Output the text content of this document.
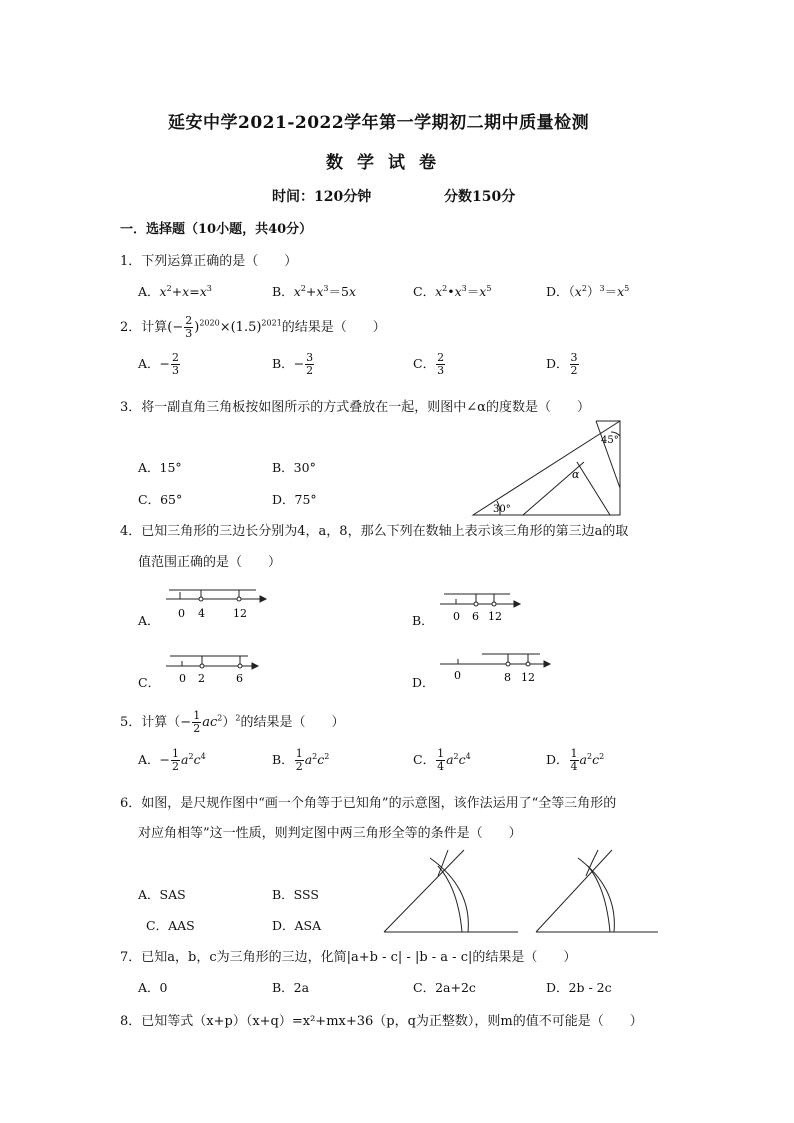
延安中学2021-2022学年第一学期初二期中质量检测
数学试卷
时间：120分钟	分数150分
一．选择题（10小题，共40分）
1．下列运算正确的是（　　）
A．$x^2+x=x^3$	B．$x^2+x^3=5x$	C．$x^2•x^3=x^5$	D．$(x^2)^3=x^5$
2．计算(− $\frac{2}{3} )^{2020}\times(1.5)^{2021}$的结果是（　　）
A．− $\frac{2}{3}$	B．− $\frac{3}{2}$	C． $\frac{2}{3}$	D． $\frac{3}{2}$
3．将一副直角三角板按如图所示的方式叠放在一起，则图中∠α的度数是（　　）
A．15°	B．30°
C．65°	D．75°
45°
α
30°
4．已知三角形的三边长分别为4，a，8，那么下列在数轴上表示该三角形的第三边a的取
值范围正确的是（　　）
A． 0 4	12	B． 0 6 12
C． 0 2	6	D． 0	8 12
5．计算（− $\frac{1}{2} ac^2)^2$的结果是（　　）
A．− $\frac{1}{2} a^2c^4$	B． $\frac{1}{2} a^2c^2$	C． $\frac{1}{4} a^2c^4$	D． $\frac{1}{4} a^2c^2$
6．如图，是尺规作图中“画一个角等于已知角”的示意图，该作法运用了“全等三角形的
对应角相等”这一性质，则判定图中两三角形全等的条件是（　　）
A．SAS	B．SSS
C．AAS	D．ASA
7．已知a，b，c为三角形的三边，化简|a+b - c| - |b - a - c|的结果是（　　）
A．0	B．2a	C．2a+2c	D．2b - 2c
8．已知等式（x+p）（x+q）=x²+mx+36（p，q为正整数），则m的值不可能是（　　）
